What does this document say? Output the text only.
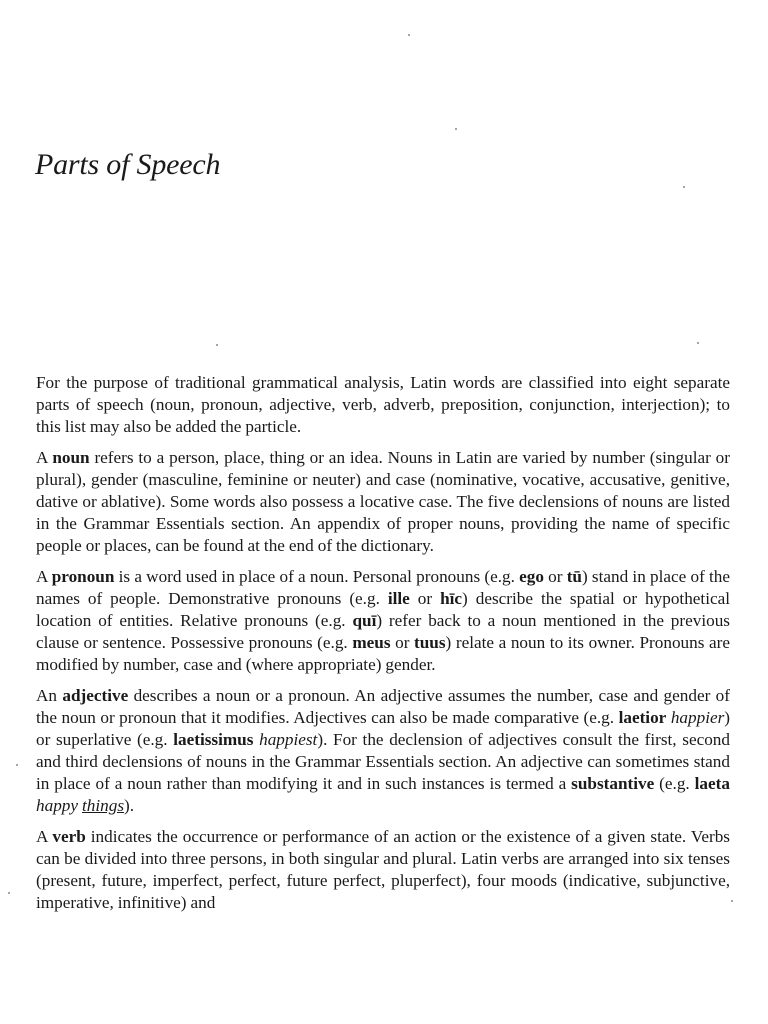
Parts of Speech

For the purpose of traditional grammatical analysis, Latin words are classified into eight separate parts of speech (noun, pronoun, adjective, verb, adverb, preposition, conjunction, interjection); to this list may also be added the particle.

A noun refers to a person, place, thing or an idea. Nouns in Latin are varied by number (singular or plural), gender (masculine, feminine or neuter) and case (nominative, vocative, accusative, genitive, dative or ablative). Some words also possess a locative case. The five declensions of nouns are listed in the Grammar Essentials section. An appendix of proper nouns, providing the name of specific people or places, can be found at the end of the dictionary.

A pronoun is a word used in place of a noun. Personal pronouns (e.g. ego or tū) stand in place of the names of people. Demonstrative pronouns (e.g. ille or hīc) describe the spatial or hypothetical location of entities. Relative pronouns (e.g. quī) refer back to a noun mentioned in the previous clause or sentence. Possessive pronouns (e.g. meus or tuus) relate a noun to its owner. Pronouns are modified by number, case and (where appropriate) gender.

An adjective describes a noun or a pronoun. An adjective assumes the number, case and gender of the noun or pronoun that it modifies. Adjectives can also be made comparative (e.g. laetior happier) or superlative (e.g. laetissimus happiest). For the declension of adjectives consult the first, second and third declensions of nouns in the Grammar Essentials section. An adjective can sometimes stand in place of a noun rather than modifying it and in such instances is termed a substantive (e.g. laeta happy things).

A verb indicates the occurrence or performance of an action or the existence of a given state. Verbs can be divided into three persons, in both singular and plural. Latin verbs are arranged into six tenses (present, future, imperfect, perfect, future perfect, pluperfect), four moods (indicative, subjunctive, imperative, infinitive) and
